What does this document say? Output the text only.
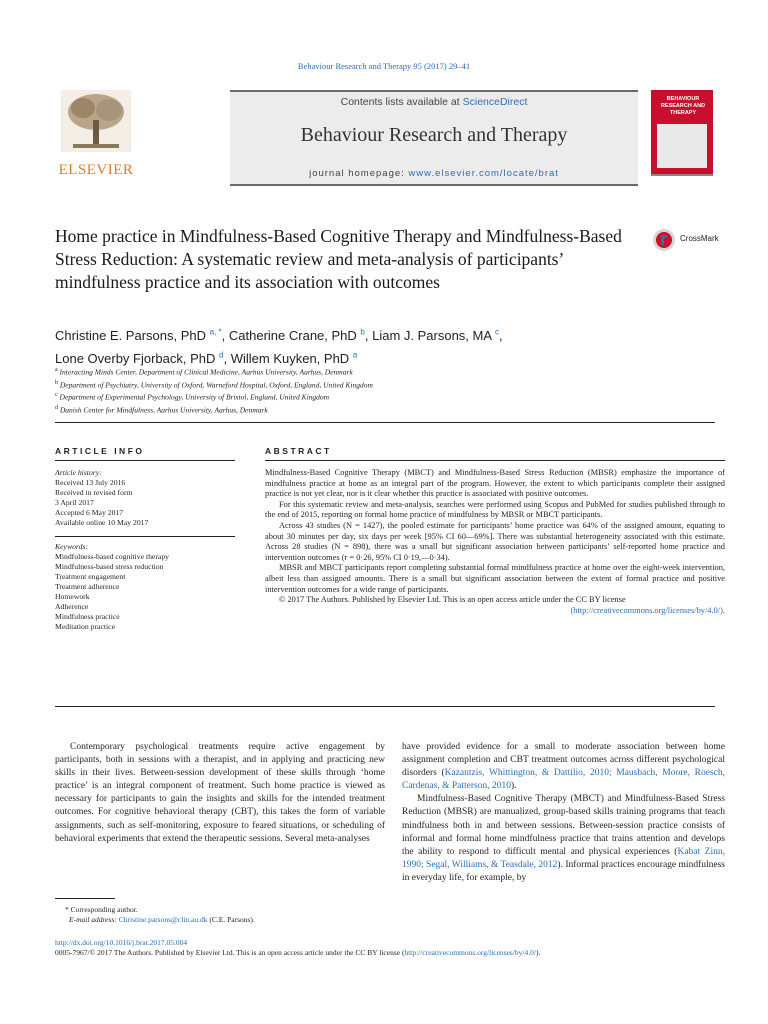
Behaviour Research and Therapy 95 (2017) 29–41
ELSEVIER
Contents lists available at ScienceDirect
Behaviour Research and Therapy
journal homepage: www.elsevier.com/locate/brat
BEHAVIOUR RESEARCH AND THERAPY
Home practice in Mindfulness-Based Cognitive Therapy and Mindfulness-Based Stress Reduction: A systematic review and meta-analysis of participants’ mindfulness practice and its association with outcomes
CrossMark
Christine E. Parsons, PhD $^{a, *}$, Catherine Crane, PhD $^b$, Liam J. Parsons, MA $^c$,
Lone Overby Fjorback, PhD $^d$, Willem Kuyken, PhD $^a$
$^a$ Interacting Minds Center, Department of Clinical Medicine, Aarhus University, Aarhus, Denmark
$^b$ Department of Psychiatry, University of Oxford, Warneford Hospital, Oxford, England, United Kingdom
$^c$ Department of Experimental Psychology, University of Bristol, England, United Kingdom
$^d$ Danish Center for Mindfulness, Aarhus University, Aarhus, Denmark
ARTICLE INFO	ABSTRACT
Article history:
Received 13 July 2016
Received in revised form
3 April 2017
Accepted 6 May 2017
Available online 10 May 2017
Keywords:
Mindfulness-based cognitive therapy
Mindfulness-based stress reduction
Treatment engagement
Treatment adherence
Homework
Adherence
Mindfulness practice
Meditation practice

Mindfulness-Based Cognitive Therapy (MBCT) and Mindfulness-Based Stress Reduction (MBSR) emphasize the importance of mindfulness practice at home as an integral part of the program. However, the extent to which participants complete their assigned practice is not yet clear, nor is it clear whether this practice is associated with positive outcomes.

For this systematic review and meta-analysis, searches were performed using Scopus and PubMed for studies published through to the end of 2015, reporting on formal home practice of mindfulness by MBSR or MBCT participants.

Across 43 studies (N = 1427), the pooled estimate for participants’ home practice was 64% of the assigned amount, equating to about 30 minutes per day, six days per week [95% CI 60—69%]. There was substantial heterogeneity associated with this estimate. Across 28 studies (N = 898), there was a small but significant association between participants’ self-reported home practice and intervention outcomes (r = 0·26, 95% CI 0·19,—0·34).

MBSR and MBCT participants report completing substantial formal mindfulness practice at home over the eight-week intervention, albeit less than assigned amounts. There is a small but significant association between the extent of formal practice and positive intervention outcomes for a wide range of participants.

© 2017 The Authors. Published by Elsevier Ltd. This is an open access article under the CC BY license

(http://creativecommons.org/licenses/by/4.0/).

Contemporary psychological treatments require active engagement by participants, both in sessions with a therapist, and in applying and practicing new skills in their lives. Between-session development of these skills through ‘home practice’ is an integral component of treatment. Such home practice is viewed as necessary for participants to gain the insights and skills for the intended treatment outcomes. For cognitive behavioral therapy (CBT), this takes the form of variable assignments, such as self-monitoring, exposure to feared situations, or scheduling of behavioral experiments that extend the therapeutic sessions. Several meta-analyses

have provided evidence for a small to moderate association between home assignment completion and CBT treatment outcomes across different psychological disorders (Kazantzis, Whittington, & Dattilio, 2010; Mausbach, Moore, Roesch, Cardenas, & Patterson, 2010).

Mindfulness-Based Cognitive Therapy (MBCT) and Mindfulness-Based Stress Reduction (MBSR) are manualized, group-based skills training programs that teach mindfulness both in and between sessions. Between-session practice consists of informal and formal home mindfulness practice that trains attention and develops the ability to respond to difficult mental and physical experiences (Kabat Zinn, 1990; Segal, Williams, & Teasdale, 2012). Informal practices encourage mindfulness in everyday life, for example, by

* Corresponding author.
E-mail address: Christine.parsons@clin.au.dk (C.E. Parsons).
http://dx.doi.org/10.1016/j.brat.2017.05.004
0005-7967/© 2017 The Authors. Published by Elsevier Ltd. This is an open access article under the CC BY license (http://creativecommons.org/licenses/by/4.0/).
